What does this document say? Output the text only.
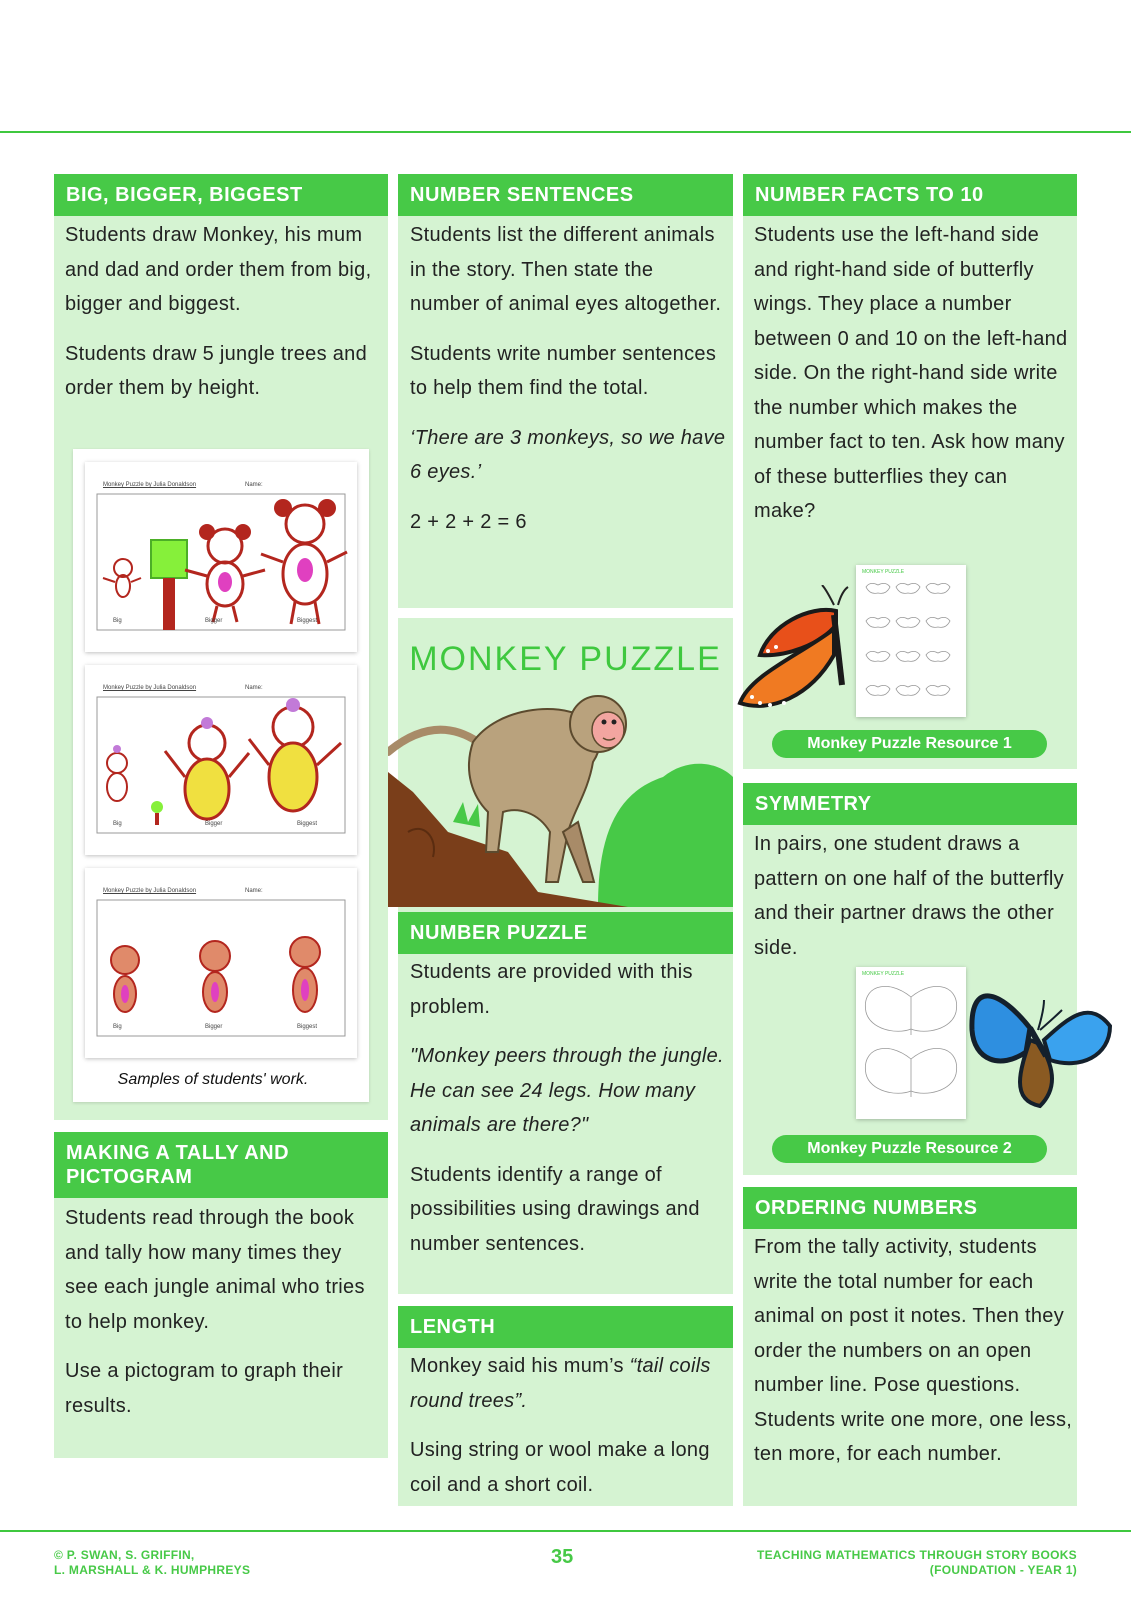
BIG, BIGGER, BIGGEST

Students draw Monkey, his mum and dad and order them from big, bigger and biggest.

Students draw 5 jungle trees and order them by height.

Monkey Puzzle by Julia Donaldson	Name:
Big	Bigger	Biggest
Monkey Puzzle by Julia Donaldson	Name:
Big	Bigger	Biggest
Monkey Puzzle by Julia Donaldson	Name:
Big	Bigger	Biggest
Samples of students' work.
MAKING A TALLY AND PICTOGRAM

Students read through the book and tally how many times they see each jungle animal who tries to help monkey.

Use a pictogram to graph their results.

NUMBER SENTENCES

Students list the different animals in the story. Then state the number of animal eyes altogether.

Students write number sentences to help them find the total.

‘There are 3 monkeys, so we have 6 eyes.’

2 + 2 + 2 = 6

MONKEY PUZZLE
NUMBER PUZZLE

Students are provided with this problem.

"Monkey peers through the jungle. He can see 24 legs. How many animals are there?"

Students identify a range of possibilities using drawings and number sentences.

LENGTH

Monkey said his mum’s “tail coils round trees”.

Using string or wool make a long coil and a short coil.

NUMBER FACTS TO 10

Students use the left-hand side and right-hand side of butterfly wings. They place a number between 0 and 10 on the left-hand side. On the right-hand side write the number which makes the number fact to ten. Ask how many of these butterflies they can make?

MONKEY PUZZLE
Monkey Puzzle Resource 1
SYMMETRY

In pairs, one student draws a pattern on one half of the butterfly and their partner draws the other side.

MONKEY PUZZLE
Monkey Puzzle Resource 2
ORDERING NUMBERS

From the tally activity, students write the total number for each animal on post it notes. Then they order the numbers on an open number line. Pose questions. Students write one more, one less, ten more, for each number.

© P. SWAN, S. GRIFFIN,
L. MARSHALL & K. HUMPHREYS
35	TEACHING MATHEMATICS THROUGH STORY BOOKS
(FOUNDATION - YEAR 1)
